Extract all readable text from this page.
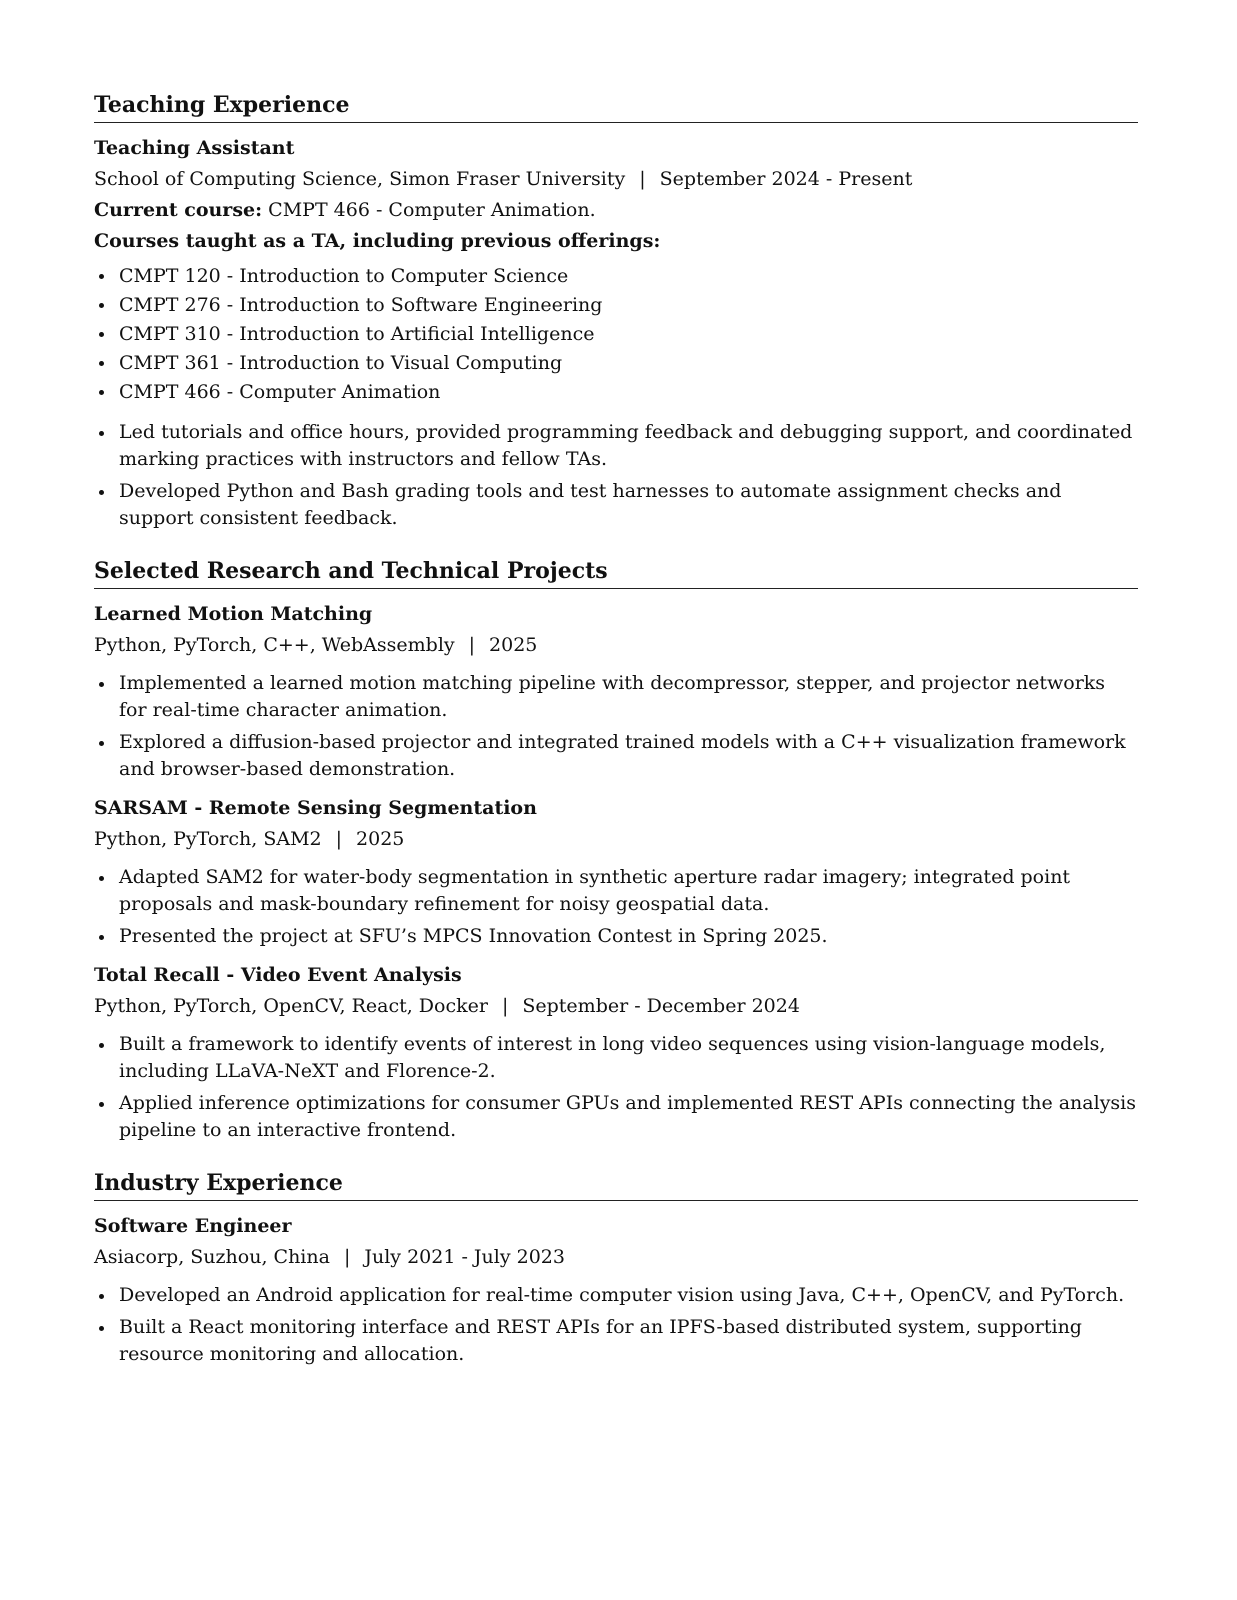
Teaching Experience
Teaching Assistant
School of Computing Science, Simon Fraser University | September 2024 - Present
Current course: CMPT 466 - Computer Animation.
Courses taught as a TA, including previous offerings:
CMPT 120 - Introduction to Computer Science
CMPT 276 - Introduction to Software Engineering
CMPT 310 - Introduction to Artificial Intelligence
CMPT 361 - Introduction to Visual Computing
CMPT 466 - Computer Animation
Led tutorials and office hours, provided programming feedback and debugging support, and coordinated marking practices with instructors and fellow TAs.
Developed Python and Bash grading tools and test harnesses to automate assignment checks and support consistent feedback.
Selected Research and Technical Projects
Learned Motion Matching
Python, PyTorch, C++, WebAssembly | 2025
Implemented a learned motion matching pipeline with decompressor, stepper, and projector networks for real-time character animation.
Explored a diffusion-based projector and integrated trained models with a C++ visualization framework and browser-based demonstration.
SARSAM - Remote Sensing Segmentation
Python, PyTorch, SAM2 | 2025
Adapted SAM2 for water-body segmentation in synthetic aperture radar imagery; integrated point proposals and mask-boundary refinement for noisy geospatial data.
Presented the project at SFU’s MPCS Innovation Contest in Spring 2025.
Total Recall - Video Event Analysis
Python, PyTorch, OpenCV, React, Docker | September - December 2024
Built a framework to identify events of interest in long video sequences using vision-language models, including LLaVA-NeXT and Florence-2.
Applied inference optimizations for consumer GPUs and implemented REST APIs connecting the analysis pipeline to an interactive frontend.
Industry Experience
Software Engineer
Asiacorp, Suzhou, China | July 2021 - July 2023
Developed an Android application for real-time computer vision using Java, C++, OpenCV, and PyTorch.
Built a React monitoring interface and REST APIs for an IPFS-based distributed system, supporting resource monitoring and allocation.
